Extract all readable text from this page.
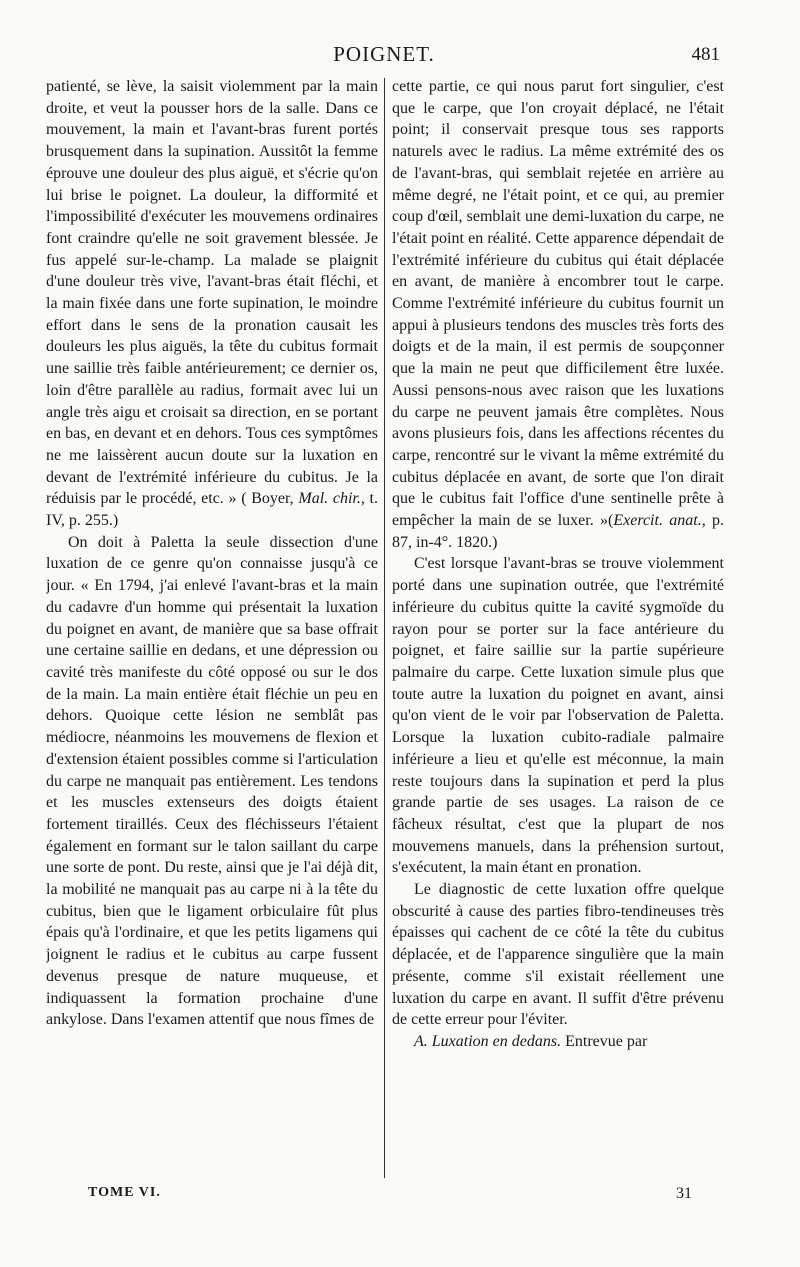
POIGNET.	481

patienté, se lève, la saisit violemment par la main droite, et veut la pousser hors de la salle. Dans ce mouvement, la main et l'avant-bras furent portés brusquement dans la supination. Aussitôt la femme éprouve une douleur des plus aiguë, et s'écrie qu'on lui brise le poignet. La douleur, la difformité et l'impossibilité d'exécuter les mouvemens ordinaires font craindre qu'elle ne soit gravement blessée. Je fus appelé sur-le-champ. La malade se plaignit d'une douleur très vive, l'avant-bras était fléchi, et la main fixée dans une forte supination, le moindre effort dans le sens de la pronation causait les douleurs les plus aiguës, la tête du cubitus formait une saillie très faible antérieurement; ce dernier os, loin d'être parallèle au radius, formait avec lui un angle très aigu et croisait sa direction, en se portant en bas, en devant et en dehors. Tous ces symptômes ne me laissèrent aucun doute sur la luxation en devant de l'extrémité inférieure du cubitus. Je la réduisis par le procédé, etc. » ( Boyer, Mal. chir., t. IV, p. 255.)

On doit à Paletta la seule dissection d'une luxation de ce genre qu'on connaisse jusqu'à ce jour. « En 1794, j'ai enlevé l'avant-bras et la main du cadavre d'un homme qui présentait la luxation du poignet en avant, de manière que sa base offrait une certaine saillie en dedans, et une dépression ou cavité très manifeste du côté opposé ou sur le dos de la main. La main entière était fléchie un peu en dehors. Quoique cette lésion ne semblât pas médiocre, néanmoins les mouvemens de flexion et d'extension étaient possibles comme si l'articulation du carpe ne manquait pas entièrement. Les tendons et les muscles extenseurs des doigts étaient fortement tiraillés. Ceux des fléchisseurs l'étaient également en formant sur le talon saillant du carpe une sorte de pont. Du reste, ainsi que je l'ai déjà dit, la mobilité ne manquait pas au carpe ni à la tête du cubitus, bien que le ligament orbiculaire fût plus épais qu'à l'ordinaire, et que les petits ligamens qui joignent le radius et le cubitus au carpe fussent devenus presque de nature muqueuse, et indiquassent la formation prochaine d'une ankylose. Dans l'examen attentif que nous fîmes de

cette partie, ce qui nous parut fort singulier, c'est que le carpe, que l'on croyait déplacé, ne l'était point; il conservait presque tous ses rapports naturels avec le radius. La même extrémité des os de l'avant-bras, qui semblait rejetée en arrière au même degré, ne l'était point, et ce qui, au premier coup d'œil, semblait une demi-luxation du carpe, ne l'était point en réalité. Cette apparence dépendait de l'extrémité inférieure du cubitus qui était déplacée en avant, de manière à encombrer tout le carpe. Comme l'extrémité inférieure du cubitus fournit un appui à plusieurs tendons des muscles très forts des doigts et de la main, il est permis de soupçonner que la main ne peut que difficilement être luxée. Aussi pensons-nous avec raison que les luxations du carpe ne peuvent jamais être complètes. Nous avons plusieurs fois, dans les affections récentes du carpe, rencontré sur le vivant la même extrémité du cubitus déplacée en avant, de sorte que l'on dirait que le cubitus fait l'office d'une sentinelle prête à empêcher la main de se luxer. »(Exercit. anat., p. 87, in-4°. 1820.)

C'est lorsque l'avant-bras se trouve violemment porté dans une supination outrée, que l'extrémité inférieure du cubitus quitte la cavité sygmoïde du rayon pour se porter sur la face antérieure du poignet, et faire saillie sur la partie supérieure palmaire du carpe. Cette luxation simule plus que toute autre la luxation du poignet en avant, ainsi qu'on vient de le voir par l'observation de Paletta. Lorsque la luxation cubito-radiale palmaire inférieure a lieu et qu'elle est méconnue, la main reste toujours dans la supination et perd la plus grande partie de ses usages. La raison de ce fâcheux résultat, c'est que la plupart de nos mouvemens manuels, dans la préhension surtout, s'exécutent, la main étant en pronation.

Le diagnostic de cette luxation offre quelque obscurité à cause des parties fibro-tendineuses très épaisses qui cachent de ce côté la tête du cubitus déplacée, et de l'apparence singulière que la main présente, comme s'il existait réellement une luxation du carpe en avant. Il suffit d'être prévenu de cette erreur pour l'éviter.

A. Luxation en dedans. Entrevue par

TOME VI.	31
